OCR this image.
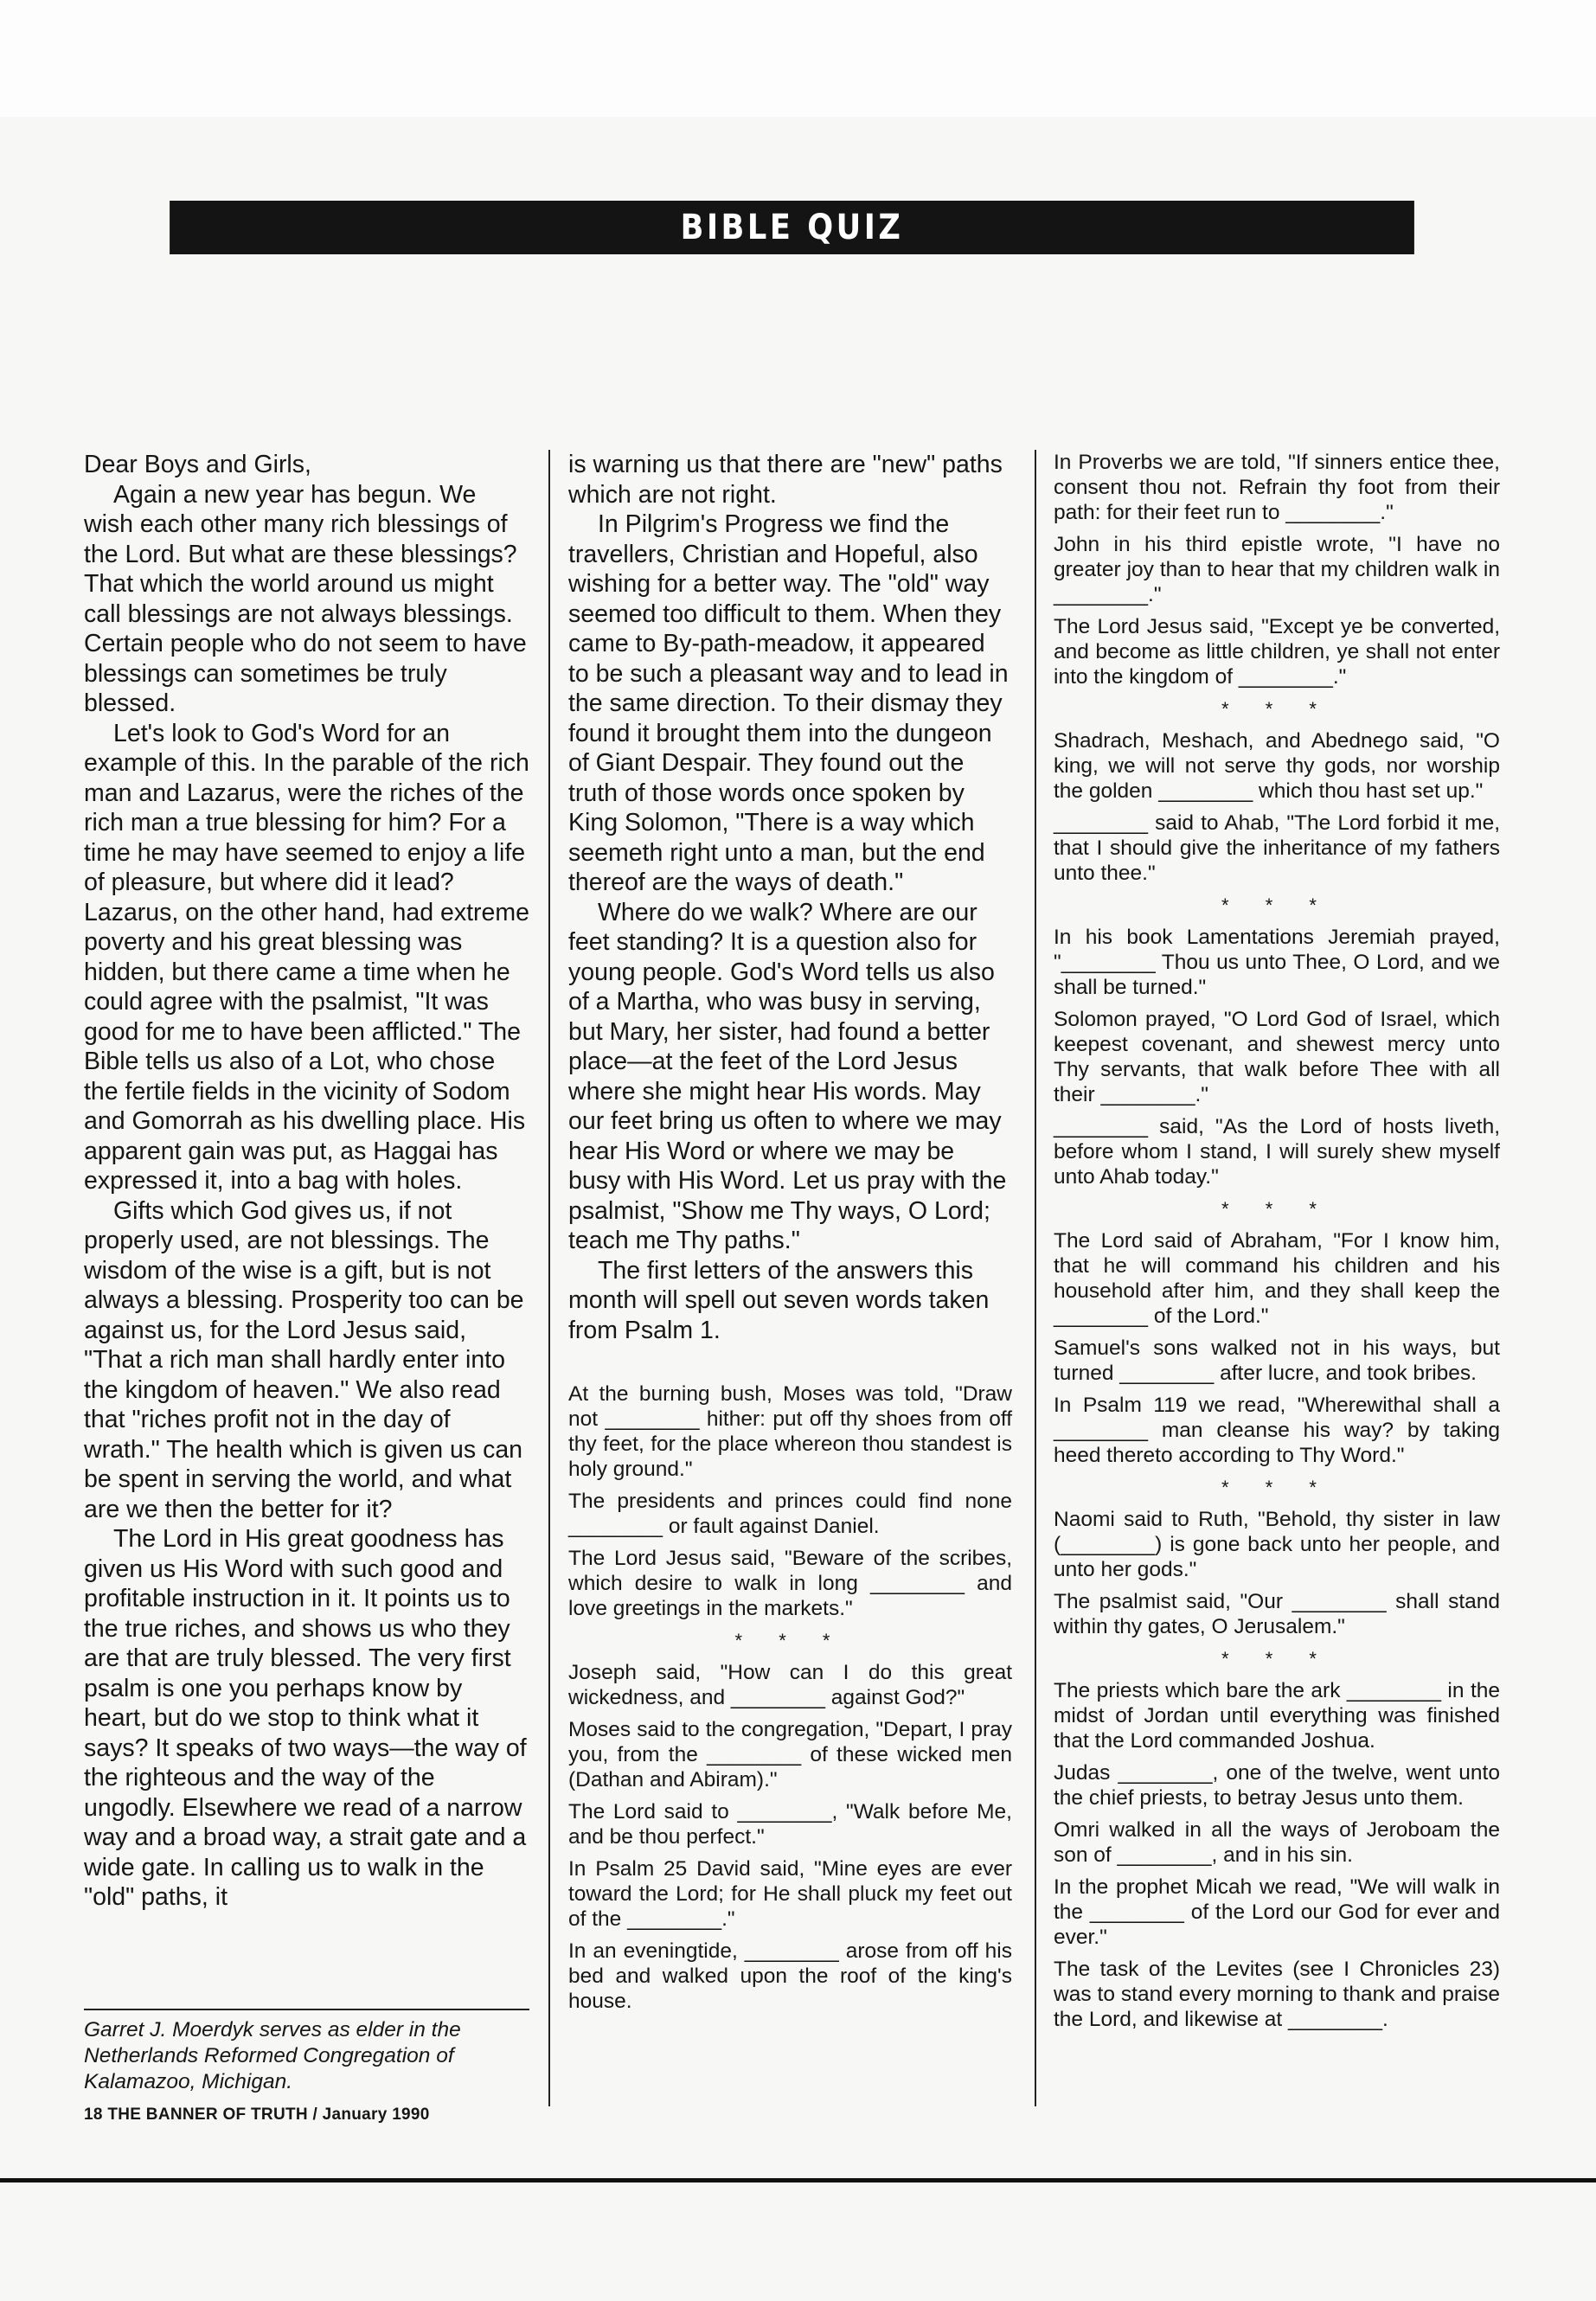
BIBLE QUIZ

Dear Boys and Girls,

Again a new year has begun. We wish each other many rich blessings of the Lord. But what are these blessings? That which the world around us might call blessings are not always blessings. Certain people who do not seem to have blessings can sometimes be truly blessed.

Let's look to God's Word for an example of this. In the parable of the rich man and Lazarus, were the riches of the rich man a true blessing for him? For a time he may have seemed to enjoy a life of pleasure, but where did it lead? Lazarus, on the other hand, had extreme poverty and his great blessing was hidden, but there came a time when he could agree with the psalmist, "It was good for me to have been afflicted." The Bible tells us also of a Lot, who chose the fertile fields in the vicinity of Sodom and Gomorrah as his dwelling place. His apparent gain was put, as Haggai has expressed it, into a bag with holes.

Gifts which God gives us, if not properly used, are not blessings. The wisdom of the wise is a gift, but is not always a blessing. Prosperity too can be against us, for the Lord Jesus said, "That a rich man shall hardly enter into the kingdom of heaven." We also read that "riches profit not in the day of wrath." The health which is given us can be spent in serving the world, and what are we then the better for it?

The Lord in His great goodness has given us His Word with such good and profitable instruction in it. It points us to the true riches, and shows us who they are that are truly blessed. The very first psalm is one you perhaps know by heart, but do we stop to think what it says? It speaks of two ways—the way of the righteous and the way of the ungodly. Elsewhere we read of a narrow way and a broad way, a strait gate and a wide gate. In calling us to walk in the "old" paths, it

Garret J. Moerdyk serves as elder in the Netherlands Reformed Congregation of Kalamazoo, Michigan.
18 THE BANNER OF TRUTH / January 1990

is warning us that there are "new" paths which are not right.

In Pilgrim's Progress we find the travellers, Christian and Hopeful, also wishing for a better way. The "old" way seemed too difficult to them. When they came to By-path-meadow, it appeared to be such a pleasant way and to lead in the same direction. To their dismay they found it brought them into the dungeon of Giant Despair. They found out the truth of those words once spoken by King Solomon, "There is a way which seemeth right unto a man, but the end thereof are the ways of death."

Where do we walk? Where are our feet standing? It is a question also for young people. God's Word tells us also of a Martha, who was busy in serving, but Mary, her sister, had found a better place—at the feet of the Lord Jesus where she might hear His words. May our feet bring us often to where we may hear His Word or where we may be busy with His Word. Let us pray with the psalmist, "Show me Thy ways, O Lord; teach me Thy paths."

The first letters of the answers this month will spell out seven words taken from Psalm 1.

At the burning bush, Moses was told, "Draw not ________ hither: put off thy shoes from off thy feet, for the place whereon thou standest is holy ground."
The presidents and princes could find none ________ or fault against Daniel.
The Lord Jesus said, "Beware of the scribes, which desire to walk in long ________ and love greetings in the markets."
* * *
Joseph said, "How can I do this great wickedness, and ________ against God?"
Moses said to the congregation, "Depart, I pray you, from the ________ of these wicked men (Dathan and Abiram)."
The Lord said to ________, "Walk before Me, and be thou perfect."
In Psalm 25 David said, "Mine eyes are ever toward the Lord; for He shall pluck my feet out of the ________."
In an eveningtide, ________ arose from off his bed and walked upon the roof of the king's house.
In Proverbs we are told, "If sinners entice thee, consent thou not. Refrain thy foot from their path: for their feet run to ________."
John in his third epistle wrote, "I have no greater joy than to hear that my children walk in ________."
The Lord Jesus said, "Except ye be converted, and become as little children, ye shall not enter into the kingdom of ________."
* * *
Shadrach, Meshach, and Abednego said, "O king, we will not serve thy gods, nor worship the golden ________ which thou hast set up."
________ said to Ahab, "The Lord forbid it me, that I should give the inheritance of my fathers unto thee."
* * *
In his book Lamentations Jeremiah prayed, "________ Thou us unto Thee, O Lord, and we shall be turned."
Solomon prayed, "O Lord God of Israel, which keepest covenant, and shewest mercy unto Thy servants, that walk before Thee with all their ________."
________ said, "As the Lord of hosts liveth, before whom I stand, I will surely shew myself unto Ahab today."
* * *
The Lord said of Abraham, "For I know him, that he will command his children and his household after him, and they shall keep the ________ of the Lord."
Samuel's sons walked not in his ways, but turned ________ after lucre, and took bribes.
In Psalm 119 we read, "Wherewithal shall a ________ man cleanse his way? by taking heed thereto according to Thy Word."
* * *
Naomi said to Ruth, "Behold, thy sister in law (________) is gone back unto her people, and unto her gods."
The psalmist said, "Our ________ shall stand within thy gates, O Jerusalem."
* * *
The priests which bare the ark ________ in the midst of Jordan until everything was finished that the Lord commanded Joshua.
Judas ________, one of the twelve, went unto the chief priests, to betray Jesus unto them.
Omri walked in all the ways of Jeroboam the son of ________, and in his sin.
In the prophet Micah we read, "We will walk in the ________ of the Lord our God for ever and ever."
The task of the Levites (see I Chronicles 23) was to stand every morning to thank and praise the Lord, and likewise at ________.
